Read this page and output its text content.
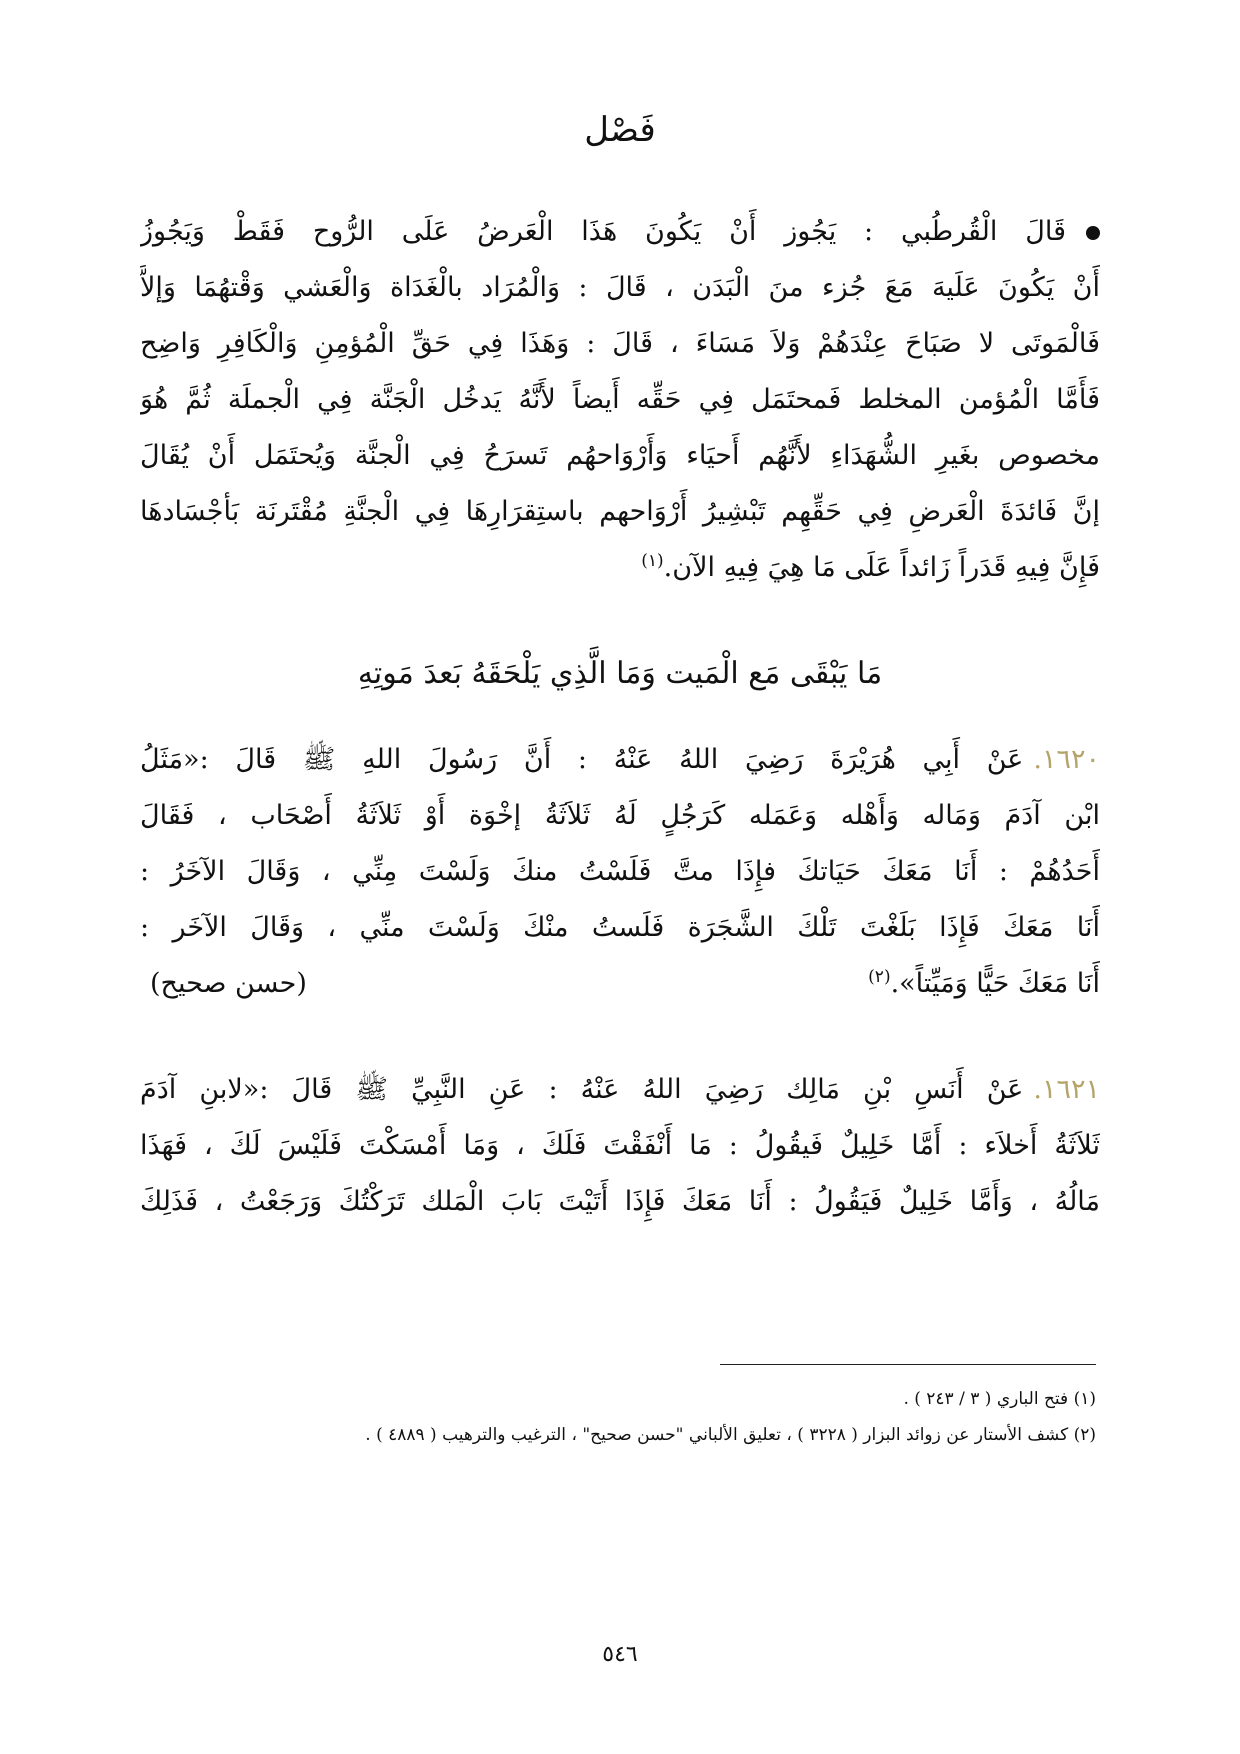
فَصْل
قَالَ الْقُرطُبي : يَجُوز أَنْ يَكُونَ هَذَا الْعَرضُ عَلَى الرُّوح فَقَطْ وَيَجُوزُ
أَنْ يَكُونَ عَلَيهَ مَعَ جُزء منَ الْبَدَن ، قَالَ : وَالْمُرَاد بالْغَدَاة وَالْعَشي وَقْتهُمَا وَإلاَّ
فَالْمَوتَى لا صَبَاحَ عِنْدَهُمْ وَلاَ مَسَاءَ ، قَالَ : وَهَذَا فِي حَقِّ الْمُؤمِنِ وَالْكَافِرِ وَاضِح
فَأَمَّا الْمُؤمن المخلط فَمحتَمَل فِي حَقِّه أَيضاً لأَنَّهُ يَدخُل الْجَنَّة فِي الْجملَة ثُمَّ هُوَ
مخصوص بغَيرِ الشُّهَدَاءِ لأَنَّهُم أَحيَاء وَأَرْوَاحهُم تَسرَحُ فِي الْجنَّة وَيُحتَمَل أَنْ يُقَالَ
إنَّ فَائدَةَ الْعَرضِ فِي حَقِّهِم تَبْشِيرُ أَرْوَاحهم باستِقرَارِهَا فِي الْجنَّةِ مُقْتَرنَة بَأجْسَادهَا
فَإِنَّ فِيهِ قَدَراً زَائداً عَلَى مَا هِيَ فِيهِ الآن.$^{(١)}$
مَا يَبْقَى مَع الْمَيت وَمَا الَّذِي يَلْحَقَهُ بَعدَ مَوتِهِ
١٦٢٠.عَنْ أَبِي هُرَيْرَةَ رَضِيَ اللهُ عَنْهُ : أَنَّ رَسُولَ اللهِ ﷺ قَالَ :«مَثَلُ
ابْن آدَمَ وَمَاله وَأَهْله وَعَمَله كَرَجُلٍ لَهُ ثَلاَثَةُ إخْوَة أَوْ ثَلاَثَةُ أَصْحَاب ، فَقَالَ
أَحَدُهُمْ : أَنَا مَعَكَ حَيَاتكَ فإِذَا متَّ فَلَسْتُ منكَ وَلَسْتَ مِنِّي ، وَقَالَ الآخَرُ :
أَنَا مَعَكَ فَإِذَا بَلَغْتَ تَلْكَ الشَّجَرَة فَلَستُ منْكَ وَلَسْتَ منِّي ، وَقَالَ الآخَر :
أَنَا مَعَكَ حَيًّا وَمَيِّتاً».$^{(٢)}$
(حسن صحيح)
١٦٢١.عَنْ أَنَسِ بْنِ مَالِك رَضِيَ اللهُ عَنْهُ : عَنِ النَّبِيِّ ﷺ قَالَ :«لابنِ آدَمَ
ثَلاَثَةُ أَخلاَء : أَمَّا خَلِيلٌ فَيقُولُ : مَا أَنْفَقْتَ فَلَكَ ، وَمَا أَمْسَكْتَ فَلَيْسَ لَكَ ، فَهَذَا
مَالُهُ ، وَأَمَّا خَلِيلٌ فَيَقُولُ : أَنَا مَعَكَ فَإِذَا أَتَيْتَ بَابَ الْمَلك تَرَكْتُكَ وَرَجَعْتُ ، فَذَلِكَ
(١) فتح الباري ( ٣ / ٢٤٣ ) .
(٢) كشف الأستار عن زوائد البزار ( ٣٢٢٨ ) ، تعليق الألباني "حسن صحيح" ، الترغيب والترهيب ( ٤٨٨٩ ) .
٥٤٦
